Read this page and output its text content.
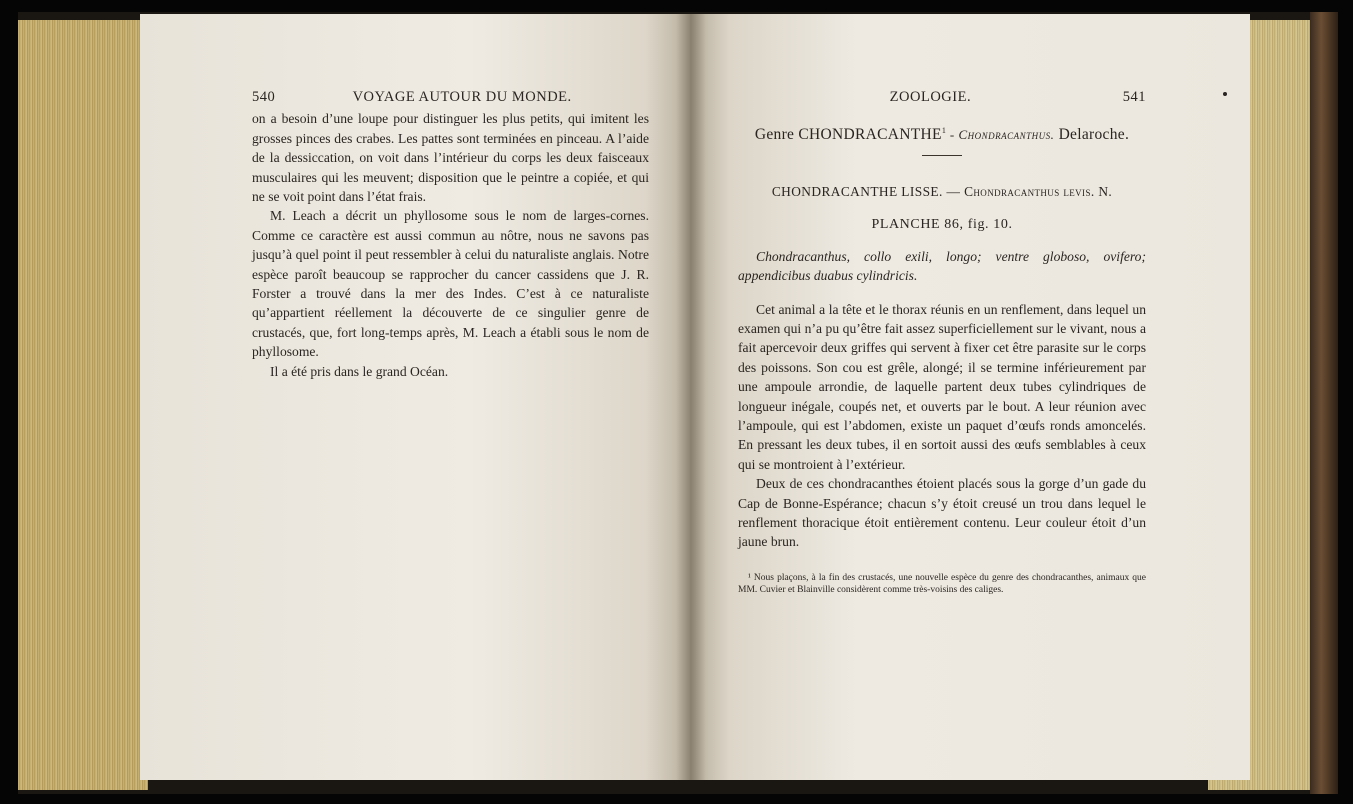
540	VOYAGE AUTOUR DU MONDE.

on a besoin d’une loupe pour distinguer les plus petits, qui imitent les grosses pinces des crabes. Les pattes sont terminées en pinceau. A l’aide de la dessiccation, on voit dans l’intérieur du corps les deux faisceaux musculaires qui les meuvent; disposition que le peintre a copiée, et qui ne se voit point dans l’état frais.

M. Leach a décrit un phyllosome sous le nom de larges-cornes. Comme ce caractère est aussi commun au nôtre, nous ne savons pas jusqu’à quel point il peut ressembler à celui du naturaliste anglais. Notre espèce paroît beaucoup se rapprocher du cancer cassidens que J. R. Forster a trouvé dans la mer des Indes. C’est à ce naturaliste qu’appartient réellement la découverte de ce singulier genre de crustacés, que, fort long-temps après, M. Leach a établi sous le nom de phyllosome.

Il a été pris dans le grand Océan.

ZOOLOGIE.	541
Genre CHONDRACANTHE$^1$ - Chondracanthus. Delaroche.
CHONDRACANTHE LISSE. — Chondracanthus levis. N.
PLANCHE 86, fig. 10.

Chondracanthus, collo exili, longo; ventre globoso, ovifero; appendicibus duabus cylindricis.

Cet animal a la tête et le thorax réunis en un renflement, dans lequel un examen qui n’a pu qu’être fait assez superficiellement sur le vivant, nous a fait apercevoir deux griffes qui servent à fixer cet être parasite sur le corps des poissons. Son cou est grêle, alongé; il se termine inférieurement par une ampoule arrondie, de laquelle partent deux tubes cylindriques de longueur inégale, coupés net, et ouverts par le bout. A leur réunion avec l’ampoule, qui est l’abdomen, existe un paquet d’œufs ronds amoncelés. En pressant les deux tubes, il en sortoit aussi des œufs semblables à ceux qui se montroient à l’extérieur.

Deux de ces chondracanthes étoient placés sous la gorge d’un gade du Cap de Bonne-Espérance; chacun s’y étoit creusé un trou dans lequel le renflement thoracique étoit entièrement contenu. Leur couleur étoit d’un jaune brun.

¹ Nous plaçons, à la fin des crustacés, une nouvelle espèce du genre des chondracanthes, animaux que MM. Cuvier et Blainville considèrent comme très-voisins des caliges.
